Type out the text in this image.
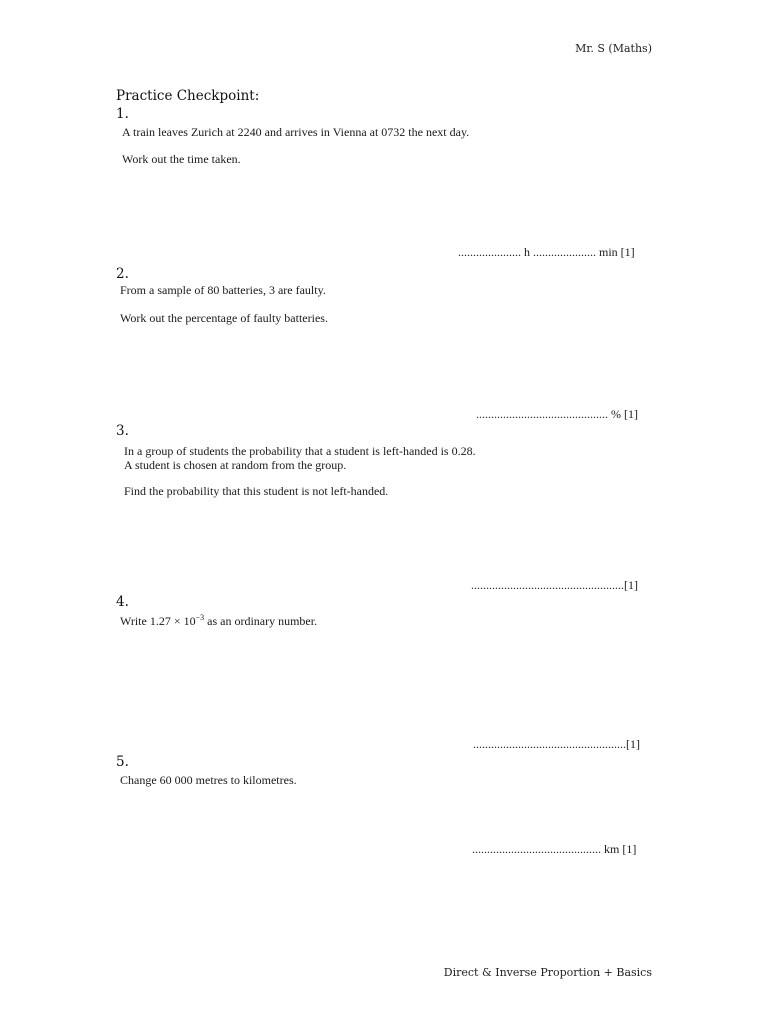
Mr. S (Maths)
Practice Checkpoint:
1.
A train leaves Zurich at 2240 and arrives in Vienna at 0732 the next day.
Work out the time taken.
..................... h ..................... min [1]
2.
From a sample of 80 batteries, 3 are faulty.
Work out the percentage of faulty batteries.
............................................ % [1]
3.
In a group of students the probability that a student is left-handed is 0.28.
A student is chosen at random from the group.
Find the probability that this student is not left-handed.
...................................................[1]
4.
Write $1.27 \times 10^{-3}$ as an ordinary number.
...................................................[1]
5.
Change 60 000 metres to kilometres.
........................................... km [1]
Direct & Inverse Proportion + Basics
